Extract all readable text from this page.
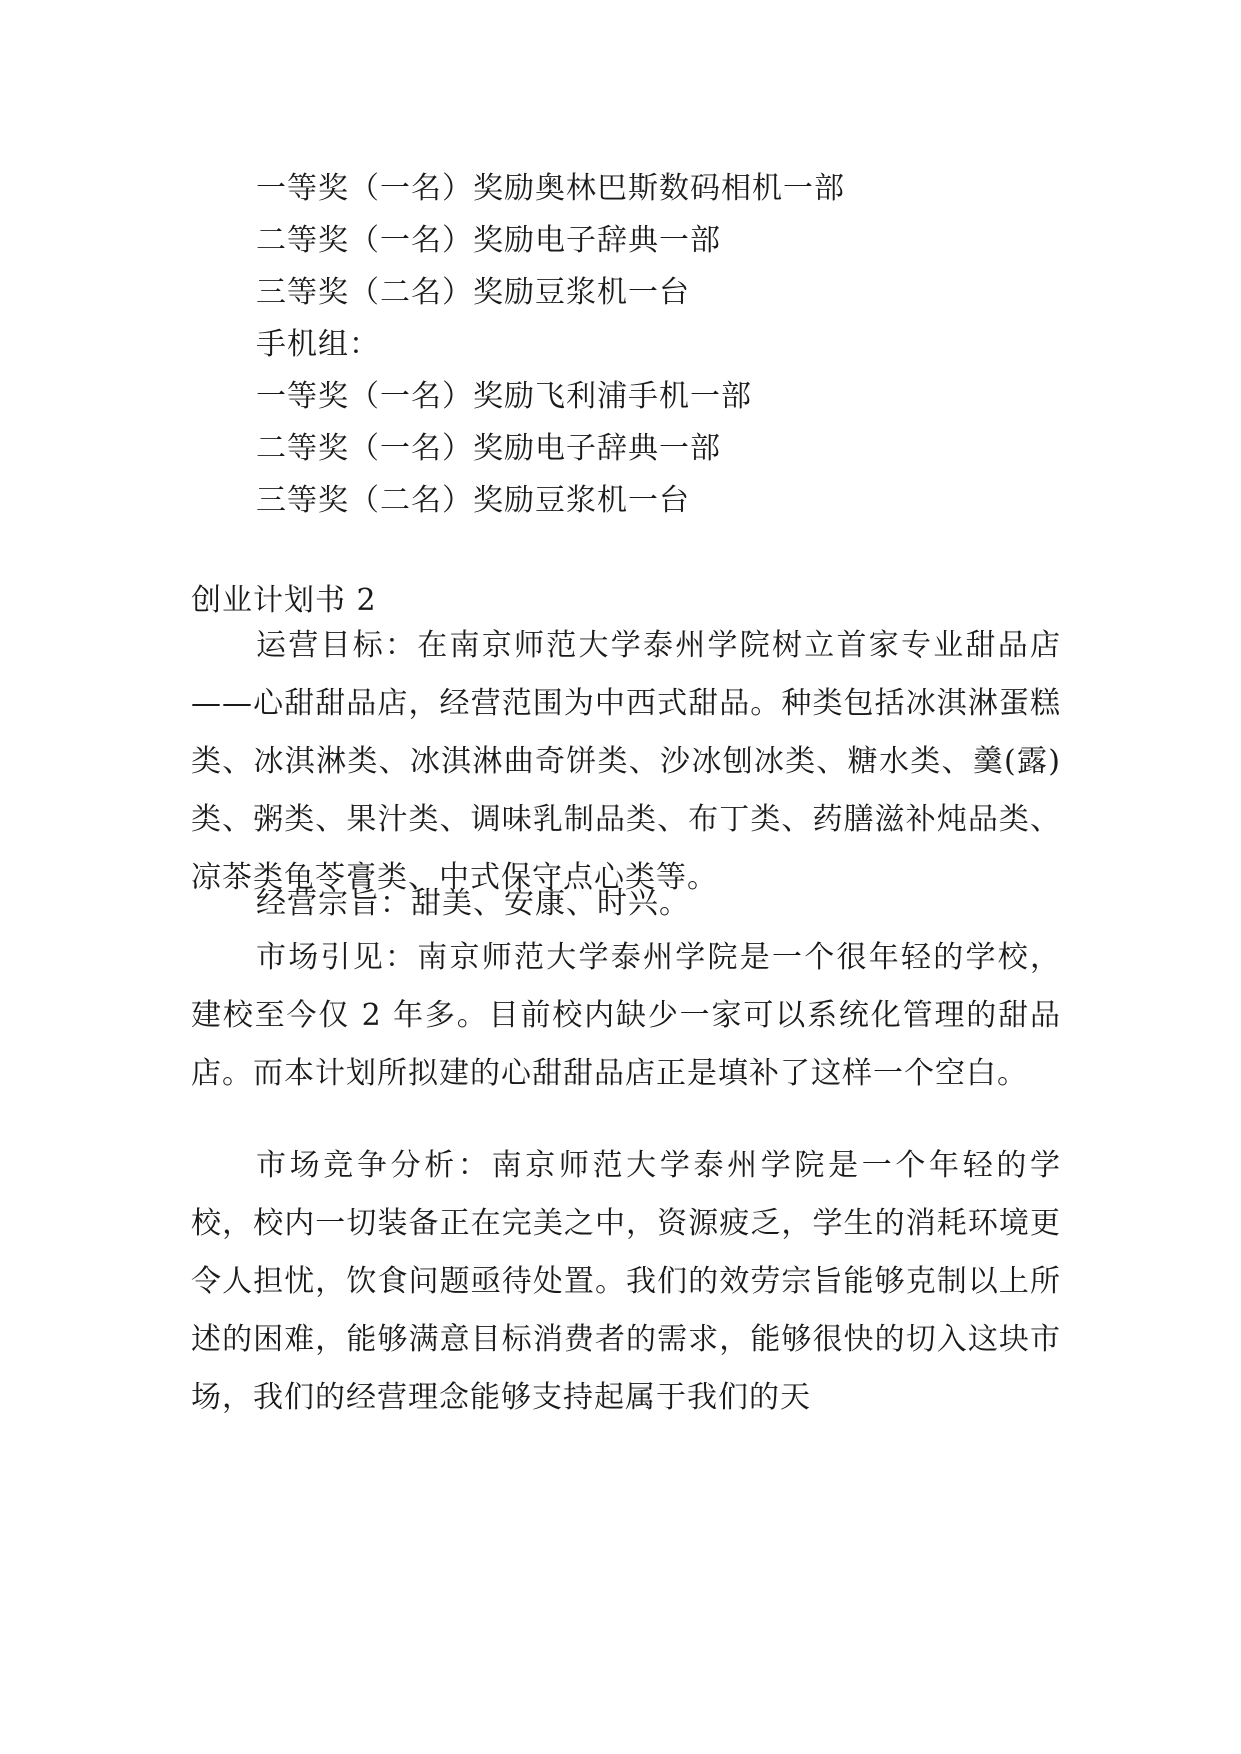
一等奖（一名）奖励奥林巴斯数码相机一部
二等奖（一名）奖励电子辞典一部
三等奖（二名）奖励豆浆机一台
手机组：
一等奖（一名）奖励飞利浦手机一部
二等奖（一名）奖励电子辞典一部
三等奖（二名）奖励豆浆机一台
创业计划书 2
运营目标：在南京师范大学泰州学院树立首家专业甜品店——心甜甜品店，经营范围为中西式甜品。种类包括冰淇淋蛋糕类、冰淇淋类、冰淇淋曲奇饼类、沙冰刨冰类、糖水类、羹(露)类、粥类、果汁类、调味乳制品类、布丁类、药膳滋补炖品类、凉茶类龟苓膏类、中式保守点心类等。
经营宗旨：甜美、安康、时兴。
市场引见：南京师范大学泰州学院是一个很年轻的学校，建校至今仅 2 年多。目前校内缺少一家可以系统化管理的甜品店。而本计划所拟建的心甜甜品店正是填补了这样一个空白。
市场竞争分析：南京师范大学泰州学院是一个年轻的学校，校内一切装备正在完美之中，资源疲乏，学生的消耗环境更令人担忧，饮食问题亟待处置。我们的效劳宗旨能够克制以上所述的困难，能够满意目标消费者的需求，能够很快的切入这块市场，我们的经营理念能够支持起属于我们的天
